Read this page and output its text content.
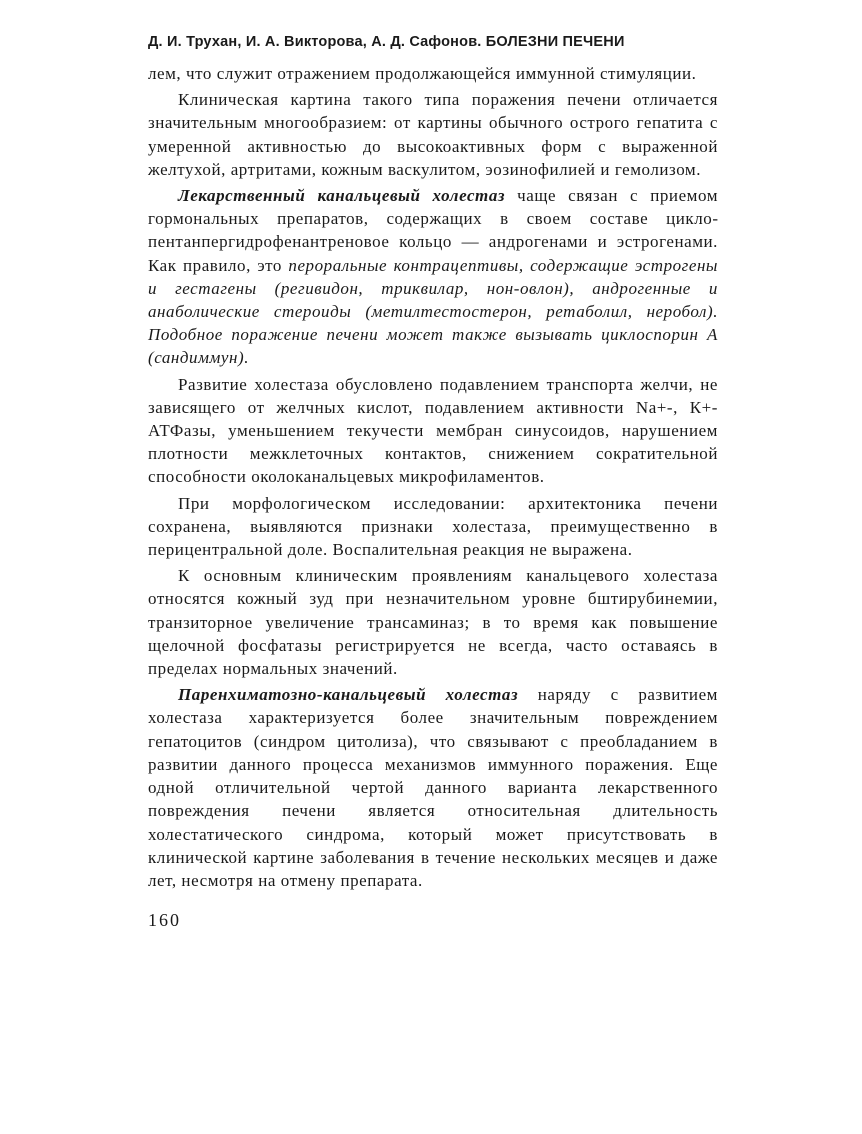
Д. И. Трухан, И. А. Викторова, А. Д. Сафонов. БОЛЕЗНИ ПЕЧЕНИ

лем, что служит отражением продолжающейся иммунной стимуляции.

Клиническая картина такого типа поражения печени отличается значительным многообразием: от картины обычного острого гепатита с умеренной активностью до высокоактивных форм с выраженной желтухой, артритами, кожным васкулитом, эозинофилией и гемолизом.

Лекарственный канальцевый холестаз чаще связан с приемом гормональных препаратов, содержащих в своем составе циклопентанпергидрофенантреновое кольцо — андрогенами и эстрогенами. Как правило, это пероральные контрацептивы, содержащие эстрогены и гестагены (регивидон, триквилар, нон-овлон), андрогенные и анаболические стероиды (метилтестостерон, ретаболил, неробол). Подобное поражение печени может также вызывать циклоспорин А (сандиммун).

Развитие холестаза обусловлено подавлением транспорта желчи, не зависящего от желчных кислот, подавлением активности Na+-, К+-АТФазы, уменьшением текучести мембран синусоидов, нарушением плотности межклеточных контактов, снижением сократительной способности околоканальцевых микрофиламентов.

При морфологическом исследовании: архитектоника печени сохранена, выявляются признаки холестаза, преимущественно в перицентральной доле. Воспалительная реакция не выражена.

К основным клиническим проявлениям канальцевого холестаза относятся кожный зуд при незначительном уровне бштирубинемии, транзиторное увеличение трансаминаз; в то время как повышение щелочной фосфатазы регистрируется не всегда, часто оставаясь в пределах нормальных значений.

Паренхиматозно-канальцевый холестаз наряду с развитием холестаза характеризуется более значительным повреждением гепатоцитов (синдром цитолиза), что связывают с преобладанием в развитии данного процесса механизмов иммунного поражения. Еще одной отличительной чертой данного варианта лекарственного повреждения печени является относительная длительность холестатического синдрома, который может присутствовать в клинической картине заболевания в течение нескольких месяцев и даже лет, несмотря на отмену препарата.

160
